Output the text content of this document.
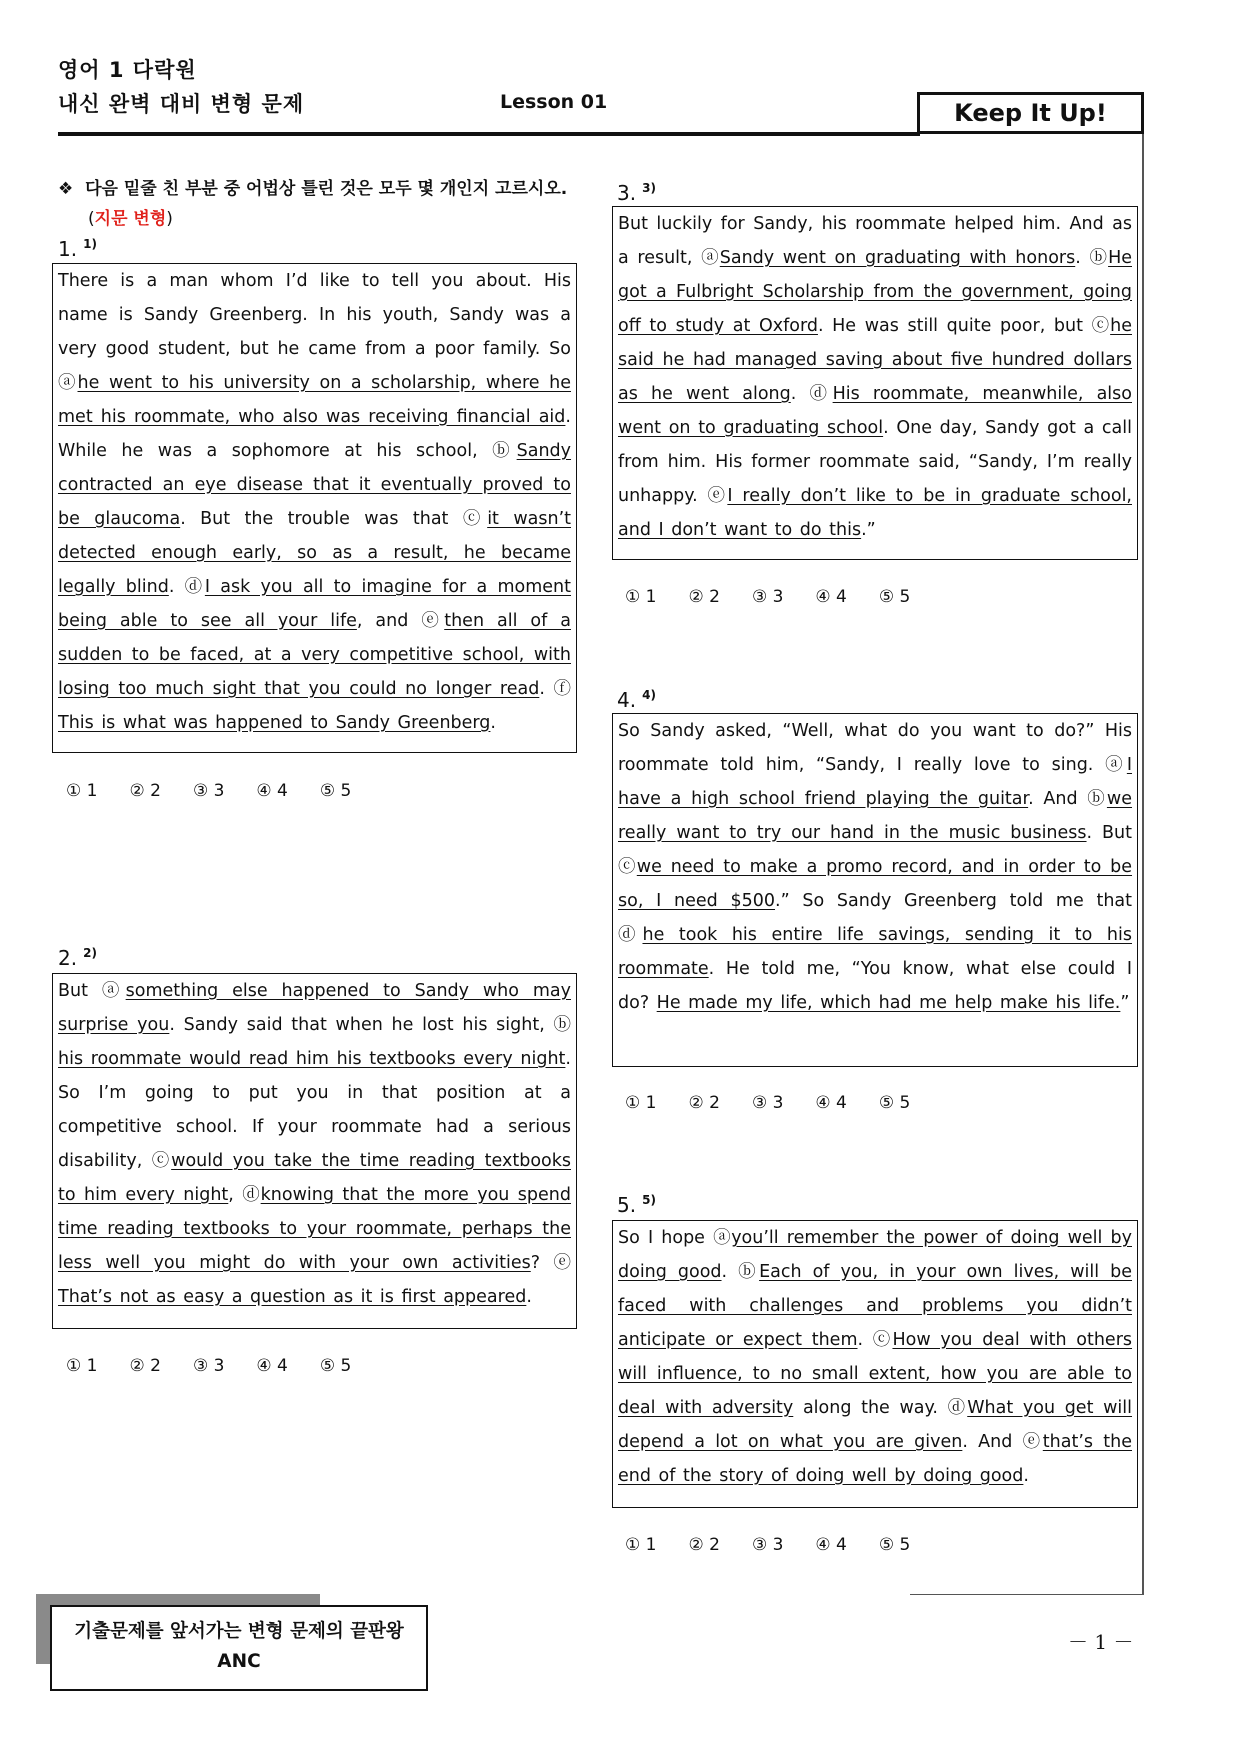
영어 1 다락원
내신 완벽 대비 변형 문제	Lesson 01	Keep It Up!
❖ 다음 밑줄 친 부분 중 어법상 틀린 것은 모두 몇 개인지 고르시오.
(지문 변형)
1. $^{1)}$
There is a man whom I’d like to tell you about. His name is Sandy Greenberg. In his youth, Sandy was a very good student, but he came from a poor family. So ⓐhe went to his university on a scholarship, where he met his roommate, who also was receiving financial aid. While he was a sophomore at his school, ⓑSandy contracted an eye disease that it eventually proved to be glaucoma. But the trouble was that ⓒit wasn’t detected enough early, so as a result, he became legally blind. ⓓI ask you all to imagine for a moment being able to see all your life, and ⓔthen all of a sudden to be faced, at a very competitive school, with losing too much sight that you could no longer read. ⓕ This is what was happened to Sandy Greenberg.
① 1 ② 2 ③ 3 ④ 4 ⑤ 5
2. $^{2)}$
But ⓐsomething else happened to Sandy who may surprise you. Sandy said that when he lost his sight, ⓑ his roommate would read him his textbooks every night. So I’m going to put you in that position at a competitive school. If your roommate had a serious disability, ⓒwould you take the time reading textbooks to him every night, ⓓknowing that the more you spend time reading textbooks to your roommate, perhaps the less well you might do with your own activities? ⓔ That’s not as easy a question as it is first appeared.
① 1 ② 2 ③ 3 ④ 4 ⑤ 5
3. $^{3)}$
But luckily for Sandy, his roommate helped him. And as a result, ⓐSandy went on graduating with honors. ⓑHe got a Fulbright Scholarship from the government, going off to study at Oxford. He was still quite poor, but ⓒhe said he had managed saving about five hundred dollars as he went along. ⓓHis roommate, meanwhile, also went on to graduating school. One day, Sandy got a call from him. His former roommate said, “Sandy, I’m really unhappy. ⓔI really don’t like to be in graduate school, and I don’t want to do this.”
① 1 ② 2 ③ 3 ④ 4 ⑤ 5
4. $^{4)}$
So Sandy asked, “Well, what do you want to do?” His roommate told him, “Sandy, I really love to sing. ⓐI have a high school friend playing the guitar. And ⓑwe really want to try our hand in the music business. But ⓒwe need to make a promo record, and in order to be so, I need $500.” So Sandy Greenberg told me that ⓓhe took his entire life savings, sending it to his roommate. He told me, “You know, what else could I do? He made my life, which had me help make his life.”
① 1 ② 2 ③ 3 ④ 4 ⑤ 5
5. $^{5)}$
So I hope ⓐyou’ll remember the power of doing well by doing good. ⓑEach of you, in your own lives, will be faced with challenges and problems you didn’t anticipate or expect them. ⓒHow you deal with others will influence, to no small extent, how you are able to deal with adversity along the way. ⓓWhat you get will depend a lot on what you are given. And ⓔthat’s the end of the story of doing well by doing good.
① 1 ② 2 ③ 3 ④ 4 ⑤ 5
기출문제를 앞서가는 변형 문제의 끝판왕
ANC
－ 1 －
